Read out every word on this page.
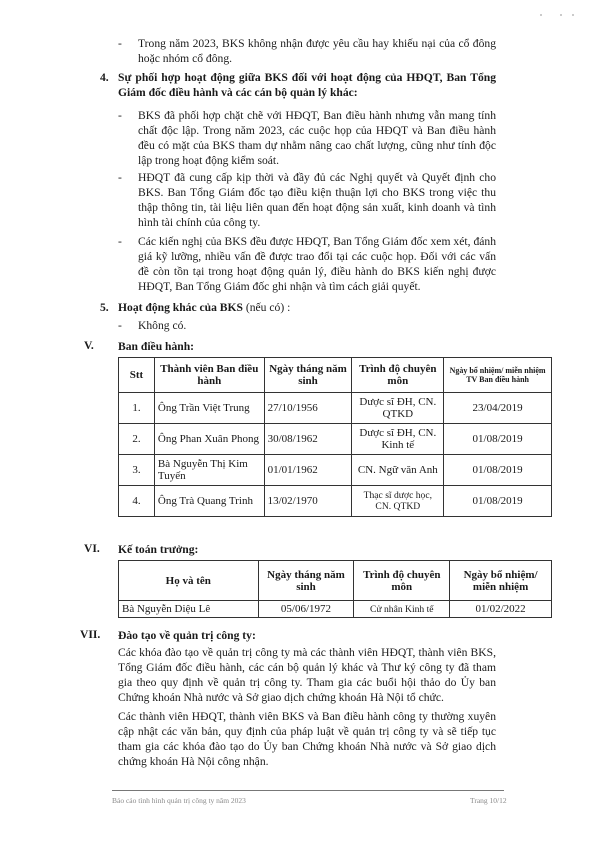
- Trong năm 2023, BKS không nhận được yêu cầu hay khiếu nại của cổ đông hoặc nhóm cổ đông.
4. Sự phối hợp hoạt động giữa BKS đối với hoạt động của HĐQT, Ban Tổng Giám đốc điều hành và các cán bộ quản lý khác:
- BKS đã phối hợp chặt chẽ với HĐQT, Ban điều hành nhưng vẫn mang tính chất độc lập. Trong năm 2023, các cuộc họp của HĐQT và Ban điều hành đều có mặt của BKS tham dự nhằm nâng cao chất lượng, cũng như tính độc lập trong hoạt động kiểm soát.
- HĐQT đã cung cấp kịp thời và đầy đủ các Nghị quyết và Quyết định cho BKS. Ban Tổng Giám đốc tạo điều kiện thuận lợi cho BKS trong việc thu thập thông tin, tài liệu liên quan đến hoạt động sản xuất, kinh doanh và tình hình tài chính của công ty.
- Các kiến nghị của BKS đều được HĐQT, Ban Tổng Giám đốc xem xét, đánh giá kỹ lưỡng, nhiều vấn đề được trao đổi tại các cuộc họp. Đối với các vấn đề còn tồn tại trong hoạt động quản lý, điều hành do BKS kiến nghị được HĐQT, Ban Tổng Giám đốc ghi nhận và tìm cách giải quyết.
5. Hoạt động khác của BKS (nếu có) :
- Không có.
V. Ban điều hành:
Stt	Thành viên Ban điều hành	Ngày tháng năm sinh	Trình độ chuyên môn	Ngày bổ nhiệm/ miễn nhiệm TV Ban điều hành
1.	Ông Trần Việt Trung	27/10/1956	Dược sĩ ĐH, CN. QTKD	23/04/2019
2.	Ông Phan Xuân Phong	30/08/1962	Dược sĩ ĐH, CN. Kinh tế	01/08/2019
3.	Bà Nguyễn Thị Kim Tuyến	01/01/1962	CN. Ngữ văn Anh	01/08/2019
4.	Ông Trà Quang Trinh	13/02/1970	Thạc sĩ dược học, CN. QTKD	01/08/2019
VI. Kế toán trưởng:
Họ và tên	Ngày tháng năm sinh	Trình độ chuyên môn	Ngày bổ nhiệm/ miễn nhiệm
Bà Nguyễn Diệu Lê	05/06/1972	Cử nhân Kinh tế	01/02/2022
VII. Đào tạo về quản trị công ty:
Các khóa đào tạo về quản trị công ty mà các thành viên HĐQT, thành viên BKS, Tổng Giám đốc điều hành, các cán bộ quản lý khác và Thư ký công ty đã tham gia theo quy định về quản trị công ty. Tham gia các buổi hội thảo do Ủy ban Chứng khoán Nhà nước và Sở giao dịch chứng khoán Hà Nội tổ chức.
Các thành viên HĐQT, thành viên BKS và Ban điều hành công ty thường xuyên cập nhật các văn bản, quy định của pháp luật về quản trị công ty và sẽ tiếp tục tham gia các khóa đào tạo do Ủy ban Chứng khoán Nhà nước và Sở giao dịch chứng khoán Hà Nội công nhận.
Báo cáo tình hình quản trị công ty năm 2023	Trang 10/12
